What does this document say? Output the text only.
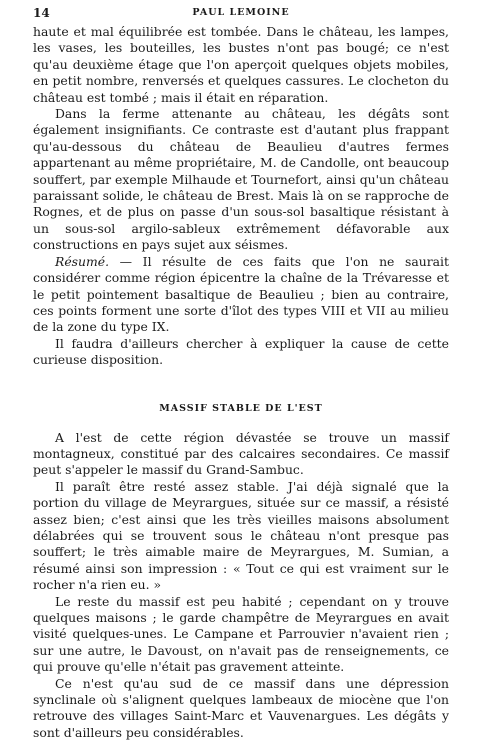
14	PAUL LEMOINE

haute et mal équilibrée est tombée. Dans le château, les lampes, les vases, les bouteilles, les bustes n'ont pas bougé; ce n'est qu'au deuxième étage que l'on aperçoit quelques objets mobiles, en petit nombre, renversés et quelques cassures. Le clocheton du château est tombé ; mais il était en réparation.

Dans la ferme attenante au château, les dégâts sont également insignifiants. Ce contraste est d'autant plus frappant qu'au-dessous du château de Beaulieu d'autres fermes appartenant au même propriétaire, M. de Candolle, ont beaucoup souffert, par exemple Milhaude et Tournefort, ainsi qu'un château paraissant solide, le château de Brest. Mais là on se rapproche de Rognes, et de plus on passe d'un sous-sol basaltique résistant à un sous-sol argilo-sableux extrêmement défavorable aux constructions en pays sujet aux séismes.

Résumé. — Il résulte de ces faits que l'on ne saurait considérer comme région épicentre la chaîne de la Trévaresse et le petit pointement basaltique de Beaulieu ; bien au contraire, ces points forment une sorte d'îlot des types VIII et VII au milieu de la zone du type IX.

Il faudra d'ailleurs chercher à expliquer la cause de cette curieuse disposition.

MASSIF STABLE DE L'EST

A l'est de cette région dévastée se trouve un massif montagneux, constitué par des calcaires secondaires. Ce massif peut s'appeler le massif du Grand-Sambuc.

Il paraît être resté assez stable. J'ai déjà signalé que la portion du village de Meyrargues, située sur ce massif, a résisté assez bien; c'est ainsi que les très vieilles maisons absolument délabrées qui se trouvent sous le château n'ont presque pas souffert; le très aimable maire de Meyrargues, M. Sumian, a résumé ainsi son impression : « Tout ce qui est vraiment sur le rocher n'a rien eu. »

Le reste du massif est peu habité ; cependant on y trouve quelques maisons ; le garde champêtre de Meyrargues en avait visité quelques-unes. Le Campane et Parrouvier n'avaient rien ; sur une autre, le Davoust, on n'avait pas de renseignements, ce qui prouve qu'elle n'était pas gravement atteinte.

Ce n'est qu'au sud de ce massif dans une dépression synclinale où s'alignent quelques lambeaux de miocène que l'on retrouve des villages Saint-Marc et Vauvenargues. Les dégâts y sont d'ailleurs peu considérables.
